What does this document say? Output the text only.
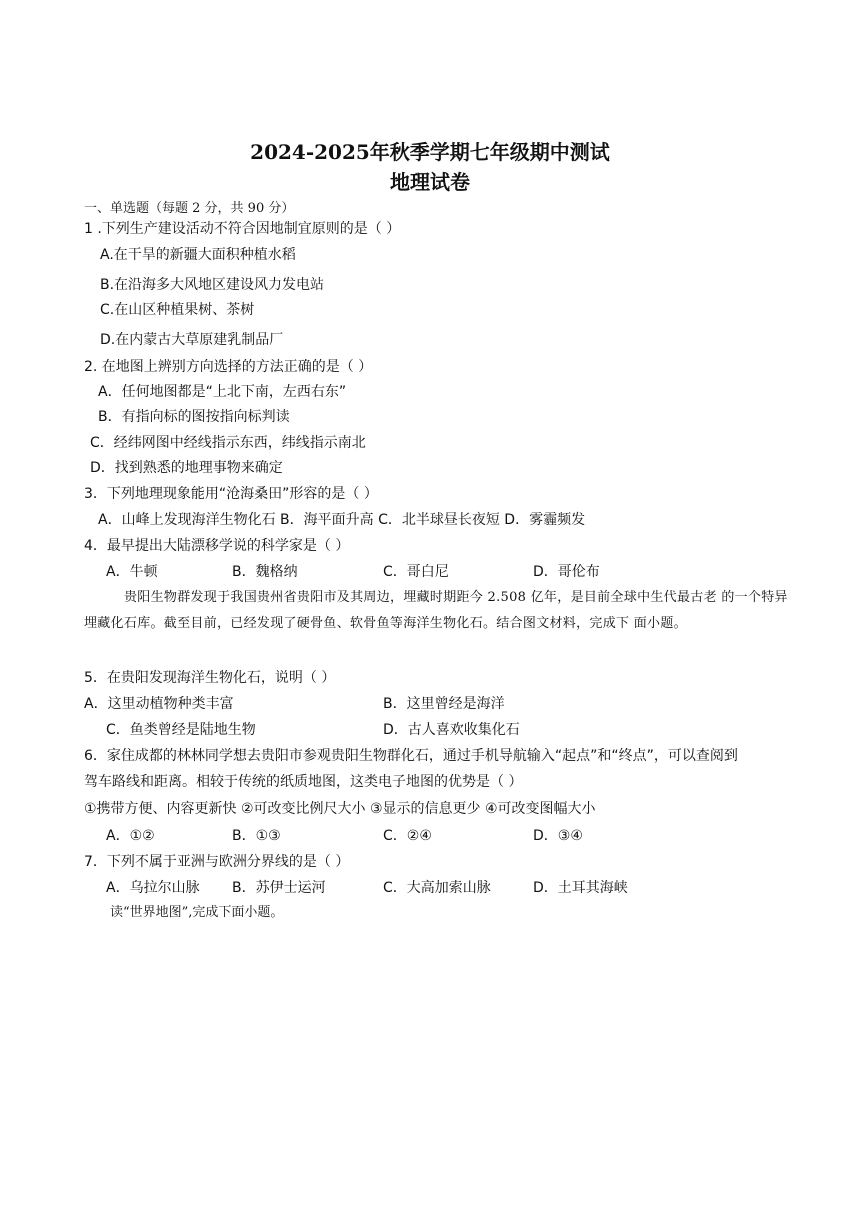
2024-2025年秋季学期七年级期中测试
地理试卷
一、单选题（每题 2 分，共 90 分）
1 .下列生产建设活动不符合因地制宜原则的是（ ）
A.在干旱的新疆大面积种植水稻
B.在沿海多大风地区建设风力发电站
C.在山区种植果树、茶树
D.在内蒙古大草原建乳制品厂
2. 在地图上辨别方向选择的方法正确的是（ ）
A．任何地图都是“上北下南，左西右东”
B．有指向标的图按指向标判读
C．经纬网图中经线指示东西，纬线指示南北
D．找到熟悉的地理事物来确定
3．下列地理现象能用“沧海桑田”形容的是（ ）
A．山峰上发现海洋生物化石 B．海平面升高 C．北半球昼长夜短 D．雾霾频发
4．最早提出大陆漂移学说的科学家是（ ）
A．牛顿	B．魏格纳	C．哥白尼	D．哥伦布
贵阳生物群发现于我国贵州省贵阳市及其周边，埋藏时期距今 2.508 亿年，是目前全球中生代最古老 的一个特异埋藏化石库。截至目前，已经发现了硬骨鱼、软骨鱼等海洋生物化石。结合图文材料，完成下 面小题。
5．在贵阳发现海洋生物化石，说明（ ）
A．这里动植物种类丰富	B．这里曾经是海洋
C．鱼类曾经是陆地生物	D．古人喜欢收集化石
6．家住成都的林林同学想去贵阳市参观贵阳生物群化石，通过手机导航输入“起点”和“终点”，可以查阅到
驾车路线和距离。相较于传统的纸质地图，这类电子地图的优势是（ ）
①携带方便、内容更新快 ②可改变比例尺大小 ③显示的信息更少 ④可改变图幅大小
A．①②	B．①③	C．②④	D．③④
7．下列不属于亚洲与欧洲分界线的是（ ）
A．乌拉尔山脉 B．苏伊士运河	C．大高加索山脉	D．土耳其海峡
读“世界地图”,完成下面小题。
